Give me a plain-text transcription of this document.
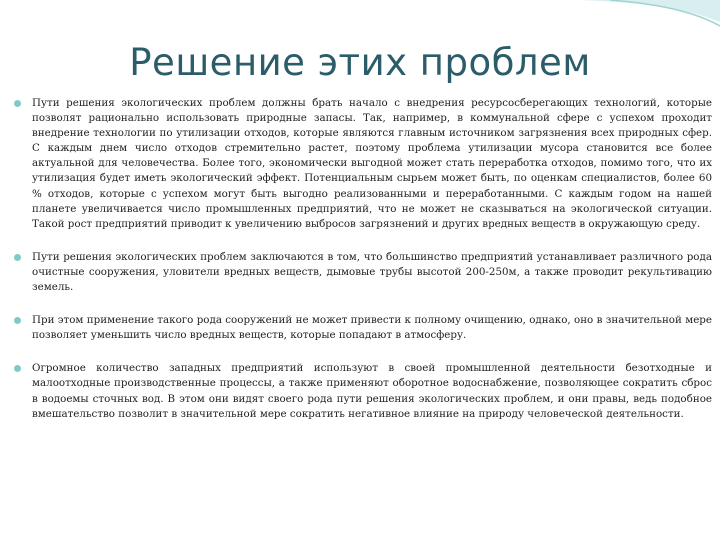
Решение этих проблем
Пути решения экологических проблем должны брать начало с внедрения ресурсосберегающих технологий, которые позволят рационально использовать природные запасы. Так, например, в коммунальной сфере с успехом проходит внедрение технологии по утилизации отходов, которые являются главным источником загрязнения всех природных сфер. С каждым днем число отходов стремительно растет, поэтому проблема утилизации мусора становится все более актуальной для человечества. Более того, экономически выгодной может стать переработка отходов, помимо того, что их утилизация будет иметь экологический эффект. Потенциальным сырьем может быть, по оценкам специалистов, более 60 % отходов, которые с успехом могут быть выгодно реализованными и переработанными. С каждым годом на нашей планете увеличивается число промышленных предприятий, что не может не сказываться на экологической ситуации. Такой рост предприятий приводит к увеличению выбросов загрязнений и других вредных веществ в окружающую среду.
Пути решения экологических проблем заключаются в том, что большинство предприятий устанавливает различного рода очистные сооружения, уловители вредных веществ, дымовые трубы высотой 200-250м, а также проводит рекультивацию земель.
При этом применение такого рода сооружений не может привести к полному очищению, однако, оно в значительной мере позволяет уменьшить число вредных веществ, которые попадают в атмосферу.
Огромное количество западных предприятий используют в своей промышленной деятельности безотходные и малоотходные производственные процессы, а также применяют оборотное водоснабжение, позволяющее сократить сброс в водоемы сточных вод. В этом они видят своего рода пути решения экологических проблем, и они правы, ведь подобное вмешательство позволит в значительной мере сократить негативное влияние на природу человеческой деятельности.
